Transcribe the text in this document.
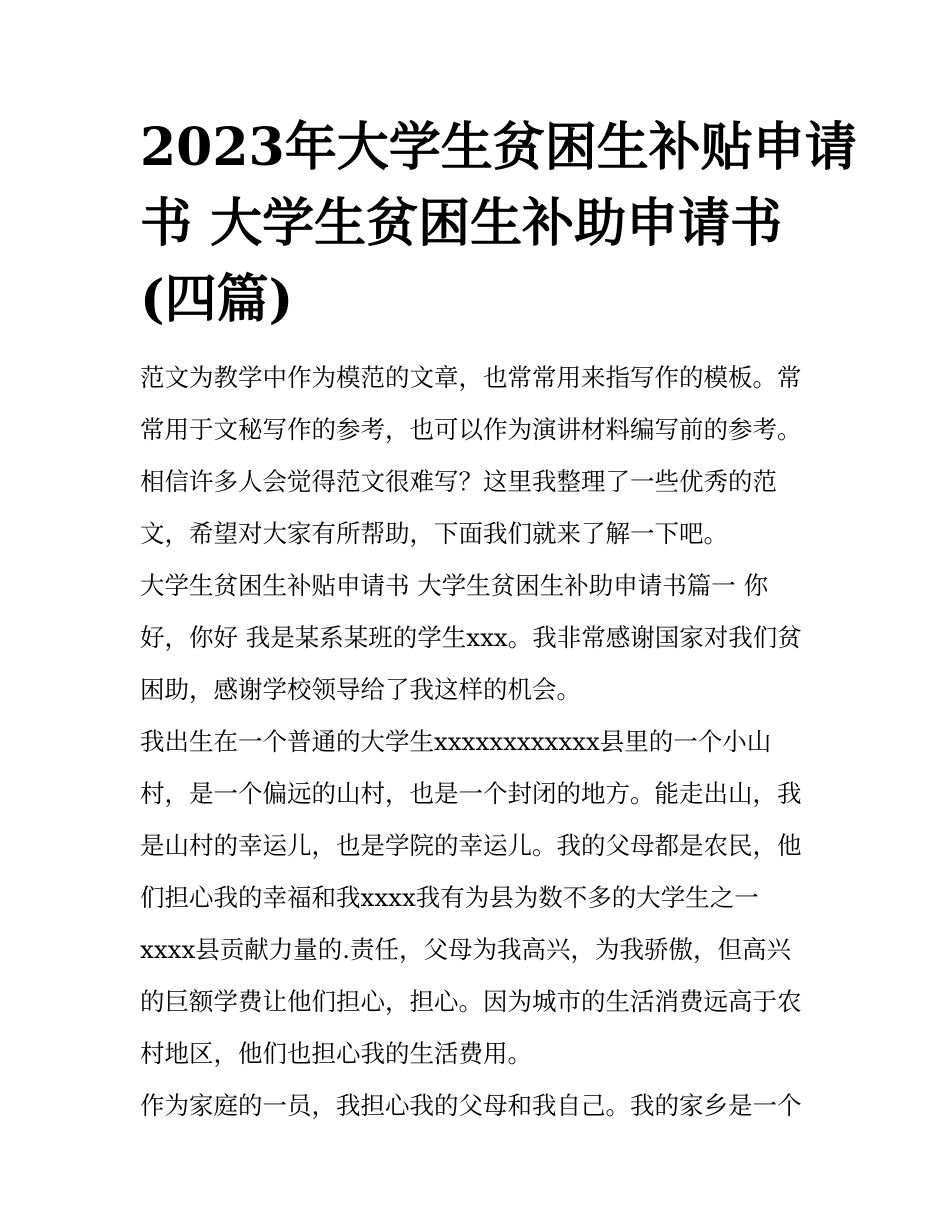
2023年大学生贫困生补贴申请
书 大学生贫困生补助申请书
(四篇)
范文为教学中作为模范的文章，也常常用来指写作的模板。常
常用于文秘写作的参考，也可以作为演讲材料编写前的参考。
相信许多人会觉得范文很难写？这里我整理了一些优秀的范
文，希望对大家有所帮助，下面我们就来了解一下吧。
大学生贫困生补贴申请书 大学生贫困生补助申请书篇一 你
好，你好 我是某系某班的学生xxx。我非常感谢国家对我们贫
困助，感谢学校领导给了我这样的机会。
我出生在一个普通的大学生xxxxxxxxxxxx县里的一个小山
村，是一个偏远的山村，也是一个封闭的地方。能走出山，我
是山村的幸运儿，也是学院的幸运儿。我的父母都是农民，他
们担心我的幸福和我xxxx我有为县为数不多的大学生之一
xxxx县贡献力量的.责任，父母为我高兴，为我骄傲，但高兴
的巨额学费让他们担心，担心。因为城市的生活消费远高于农
村地区，他们也担心我的生活费用。
作为家庭的一员，我担心我的父母和我自己。我的家乡是一个
